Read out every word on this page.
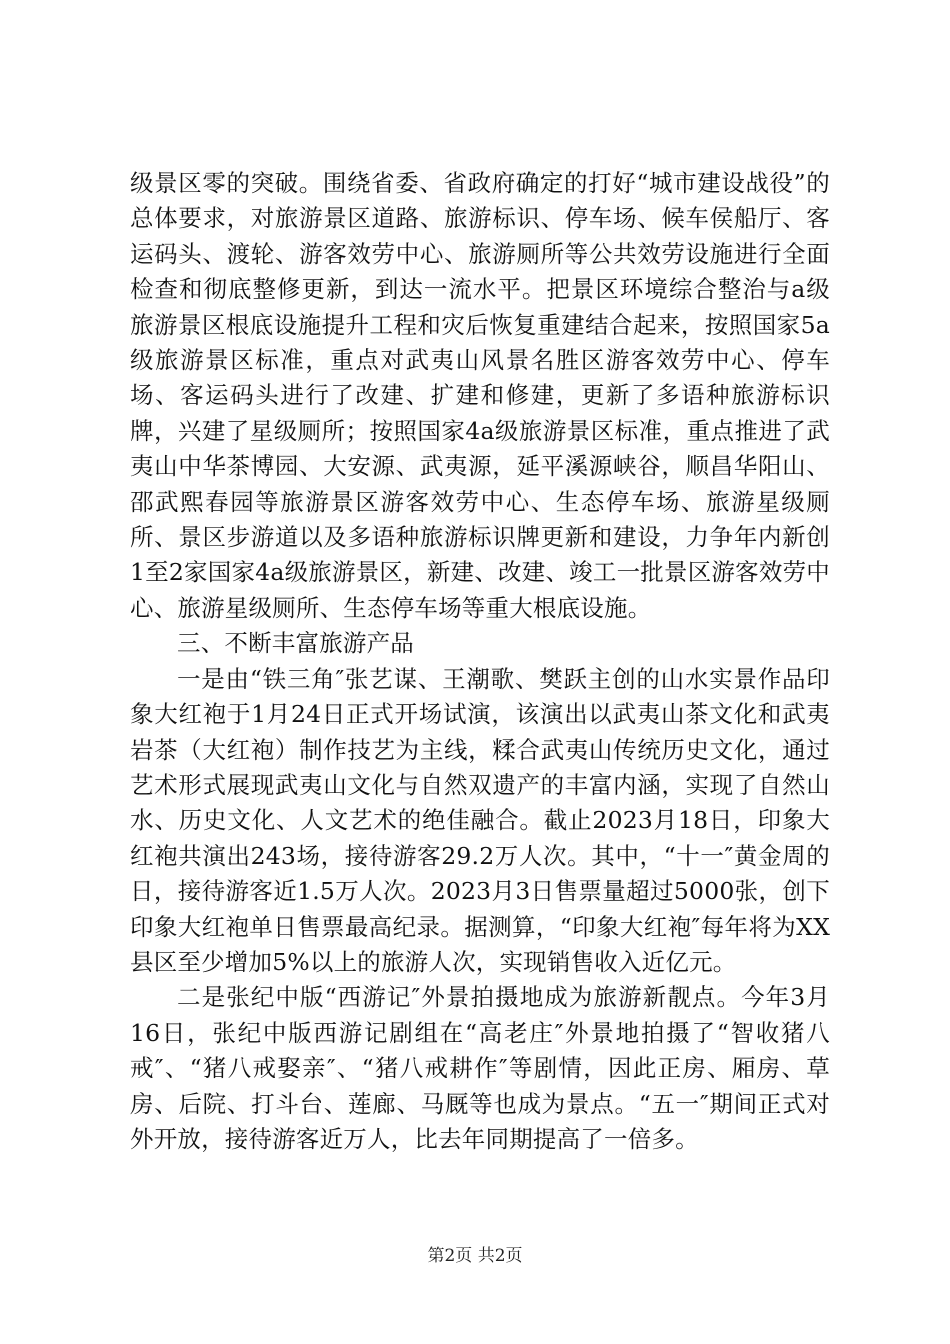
级景区零的突破。围绕省委、省政府确定的打好“城市建设战役”的总体要求，对旅游景区道路、旅游标识、停车场、候车侯船厅、客运码头、渡轮、游客效劳中心、旅游厕所等公共效劳设施进行全面检查和彻底整修更新，到达一流水平。把景区环境综合整治与a级旅游景区根底设施提升工程和灾后恢复重建结合起来，按照国家5a级旅游景区标准，重点对武夷山风景名胜区游客效劳中心、停车场、客运码头进行了改建、扩建和修建，更新了多语种旅游标识牌，兴建了星级厕所；按照国家4a级旅游景区标准，重点推进了武夷山中华茶博园、大安源、武夷源，延平溪源峡谷，顺昌华阳山、邵武熙春园等旅游景区游客效劳中心、生态停车场、旅游星级厕所、景区步游道以及多语种旅游标识牌更新和建设，力争年内新创1至2家国家4a级旅游景区，新建、改建、竣工一批景区游客效劳中心、旅游星级厕所、生态停车场等重大根底设施。

三、不断丰富旅游产品

一是由“铁三角″张艺谋、王潮歌、樊跃主创的山水实景作品印象大红袍于1月24日正式开场试演，该演出以武夷山茶文化和武夷岩茶（大红袍）制作技艺为主线，糅合武夷山传统历史文化，通过艺术形式展现武夷山文化与自然双遗产的丰富内涵，实现了自然山水、历史文化、人文艺术的绝佳融合。截止2023月18日，印象大红袍共演出243场，接待游客29.2万人次。其中，“十一″黄金周的日，接待游客近1.5万人次。2023月3日售票量超过5000张，创下印象大红袍单日售票最高纪录。据测算，“印象大红袍″每年将为XX县区至少增加5%以上的旅游人次，实现销售收入近亿元。

二是张纪中版“西游记″外景拍摄地成为旅游新靓点。今年3月16日，张纪中版西游记剧组在“高老庄″外景地拍摄了“智收猪八戒″、“猪八戒娶亲″、“猪八戒耕作″等剧情，因此正房、厢房、草房、后院、打斗台、莲廊、马厩等也成为景点。“五一″期间正式对外开放，接待游客近万人，比去年同期提高了一倍多。

第2页 共2页
